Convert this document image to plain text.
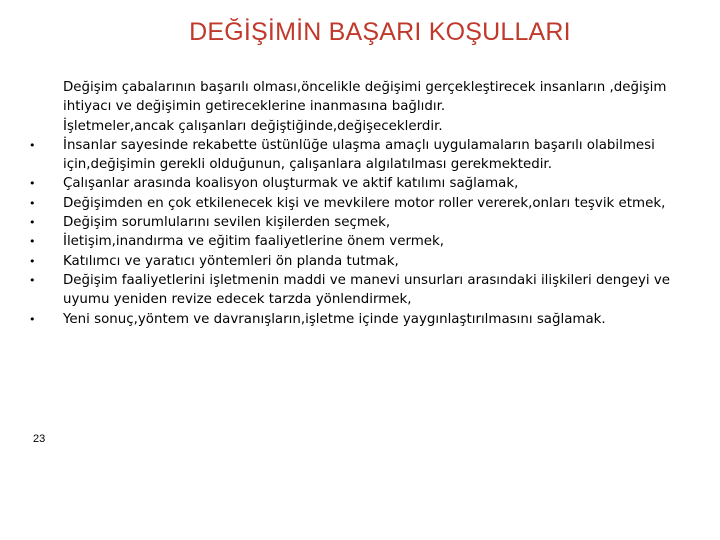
DEĞİŞİMİN BAŞARI KOŞULLARI
Değişim çabalarının başarılı olması,öncelikle değişimi gerçekleştirecek insanların ,değişim
ihtiyacı ve değişimin getireceklerine inanmasına bağlıdır.
İşletmeler,ancak çalışanları değiştiğinde,değişeceklerdir.
•	İnsanlar sayesinde rekabette üstünlüğe ulaşma amaçlı uygulamaların başarılı olabilmesi
için,değişimin gerekli olduğunun, çalışanlara algılatılması gerekmektedir.
•	Çalışanlar arasında koalisyon oluşturmak ve aktif katılımı sağlamak,
•	Değişimden en çok etkilenecek kişi ve mevkilere motor roller vererek,onları teşvik etmek,
•	Değişim sorumlularını sevilen kişilerden seçmek,
•	İletişim,inandırma ve eğitim faaliyetlerine önem vermek,
•	Katılımcı ve yaratıcı yöntemleri ön planda tutmak,
•	Değişim faaliyetlerini işletmenin maddi ve manevi unsurları arasındaki ilişkileri dengeyi ve
uyumu yeniden revize edecek tarzda yönlendirmek,
•	Yeni sonuç,yöntem ve davranışların,işletme içinde yaygınlaştırılmasını sağlamak.
23
